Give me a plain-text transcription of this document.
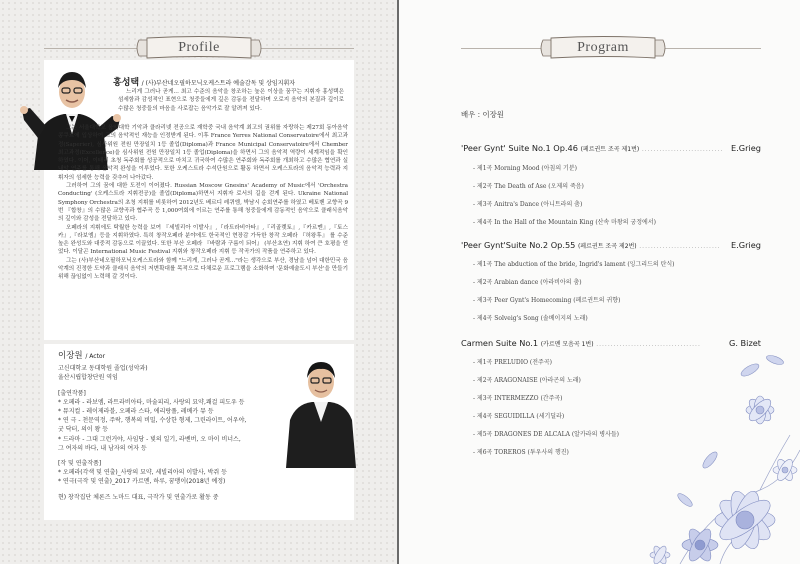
Profile
홍성택 / (사)부산네오필하모닉오케스트라 예술감독 및 상임지휘자

느리게 그러나 곧게... 최고 수준의 음악을 창조하는 높은 이상을 꿈꾸는 지휘자 홍성택은 섬세함과 감성적인 표현으로 청중들에게 깊은 감동을 전달하며 오로지 음악의 본질과 깊이로 수많은 청중들의 마음을 사로잡는 음악가로 잘 알려져 있다.

그는 서울대학교 음악대학 기악과 클라리넷 전공으로 재학중 국내 음악계 최고의 권위를 자랑하는 제27회 동아음악콩쿠르에 입상하여 그의 음악적인 재능을 인정받게 된다. 이후 France Yerres National Conservatoire에서 최고과정(Saperier), 심사위원 전원 만장일치 1등 졸업(Diploma)과 France Municipal Conservatoire에서 Chember 최고과정(Excellence)을 심사위원 전원 만장일치 1등 졸업(Diploma)을 하면서 그의 음악적 역량이 세계적임을 확인하였다. 이어, 이태리 초청 독주회를 성공적으로 마치고 귀국하여 수많은 연주회와 독주회를 개최하고 수많은 협연과 실내악 연주를 통해 음악적 완성을 이루었다. 또한 오케스트라 수석단원으로 활동 하면서 오케스트라의 음악적 능력과 지휘자의 섬세한 능력을 갖추어 나아갔다.

그러하여 그의 꿈에 대한 도전이 이어졌다. Russian Moscow Gnesins' Academy of Music에서 'Orchestra Conducting' (오케스트라 지휘전공)을 졸업(Diploma)하면서 지휘자 로서의 길을 걷게 된다. Ukraine National Symphony Orchestra의 초청 지휘를 비롯하여 2012년도 베르디 레퀴엠, 박남시 순회연주를 하였고 베토벤 교향곡 9번 『합창』의 수많은 교향곡과 협주곡 등 1,000여회에 이르는 연주를 통해 청중들에게 감동적인 음악으로 클래식음악의 깊이와 감성을 전달하고 있다.

오페라의 지휘에도 탁월한 능력을 보여 『세빌리아 이발사』,『라트라비아타』,『리골렛토』,『카르멘』,『토스카』,『라보엠』등을 지휘하였다. 특히 창작오페라 분야에도 한국적인 현장감 가득한 창작 오페라 『허왕후』 를 수준 높은 완성도와 대중적 감동으로 이끌었다. 또한 부산 오페라 『바람과 구름이 되어』 (부산초연) 지휘 하여 큰 호평을 얻었다. 이달곤 International Music Festival 지휘와 창작오페라 지휘 등 작곡가의 작품을 연주하고 있다.

그는 (사)부산네오필하모닉오케스트라와 함께 "느리게, 그러나 곧게..."라는 생각으로 부산, 경남을 넘어 대한민국 음악계의 진정한 도약과 클래식 음악의 저변확대를 목적으로 다채로운 프로그램을 소화하며 '문화예술도시 부산'을 만들기 위해 끊임없이 노력해 갈 것이다.

이장원 / Actor
고신대학교 동대학원 졸업(성악과)
울산시립합창단원 역임
[출연작품]
* 오페라 - 라보엠, 라트라비아타, 마술피리, 사랑의 묘약,쾌걸 피도우 등
* 뮤지컬 - 레이제라블, 오페라 스타, 에리랑풀, 레베카 뮤 등
* 연 극 - 천문역정, 주락, 행복의 비밀, 수상한 형제, 그린라이트, 어우야,
굿 닥터, 의이 왕 등
* 드라마 - 그대 그런거야, 사임당 - 빛의 일기, 라벤버, 오 마이 비너스,
그 여자의 바다, 내 남자의 여자 등
[작 및 연출작품]
* 오페라(각색 및 연출)_사랑의 묘약, 세빌리아의 이발사, 박쥐 등
* 연극(극작 및 연출)_2017 카르멘, 하루, 꿈맹이(2018년 예정)
현) 창작집단 체론즈 노마드 대표, 극작가 및 연출가로 활동 중
Program
배우 : 이장원
'Peer Gynt' Suite No.1 Op.46 (페르귄트 조곡 제1번) ............................ E.Grieg
- 제1곡 Morning Mood (아침의 기분)
- 제2곡 The Death of Ase (오제의 죽음)
- 제3곡 Anitra's Dance (아니트라의 춤)
- 제4곡 In the Hall of the Mountain King (산속 마왕의 궁정에서)
'Peer Gynt'Suite No.2 Op.55 (페르귄트 조곡 제2번) ............................ E.Grieg
- 제1곡 The abduction of the bride, Ingrid's lament (잉그리드의 탄식)
- 제2곡 Arabian dance (아라비아의 춤)
- 제3곡 Peer Gynt's Homecoming (페르귄트의 귀향)
- 제4곡 Solveig's Song (솔베이지의 노래)
Carmen Suite No.1 (카르멘 모음곡 1번) ....................................	G. Bizet
- 제1곡 PRELUDIO (전주곡)
- 제2곡 ARAGONAISE (아라곤의 노래)
- 제3곡 INTERMEZZO (간주곡)
- 제4곡 SEGUIDILLA (세기딜라)
- 제5곡 DRAGONES DE ALCALA (알카라의 병사들)
- 제6곡 TOREROS (투우사의 행진)
